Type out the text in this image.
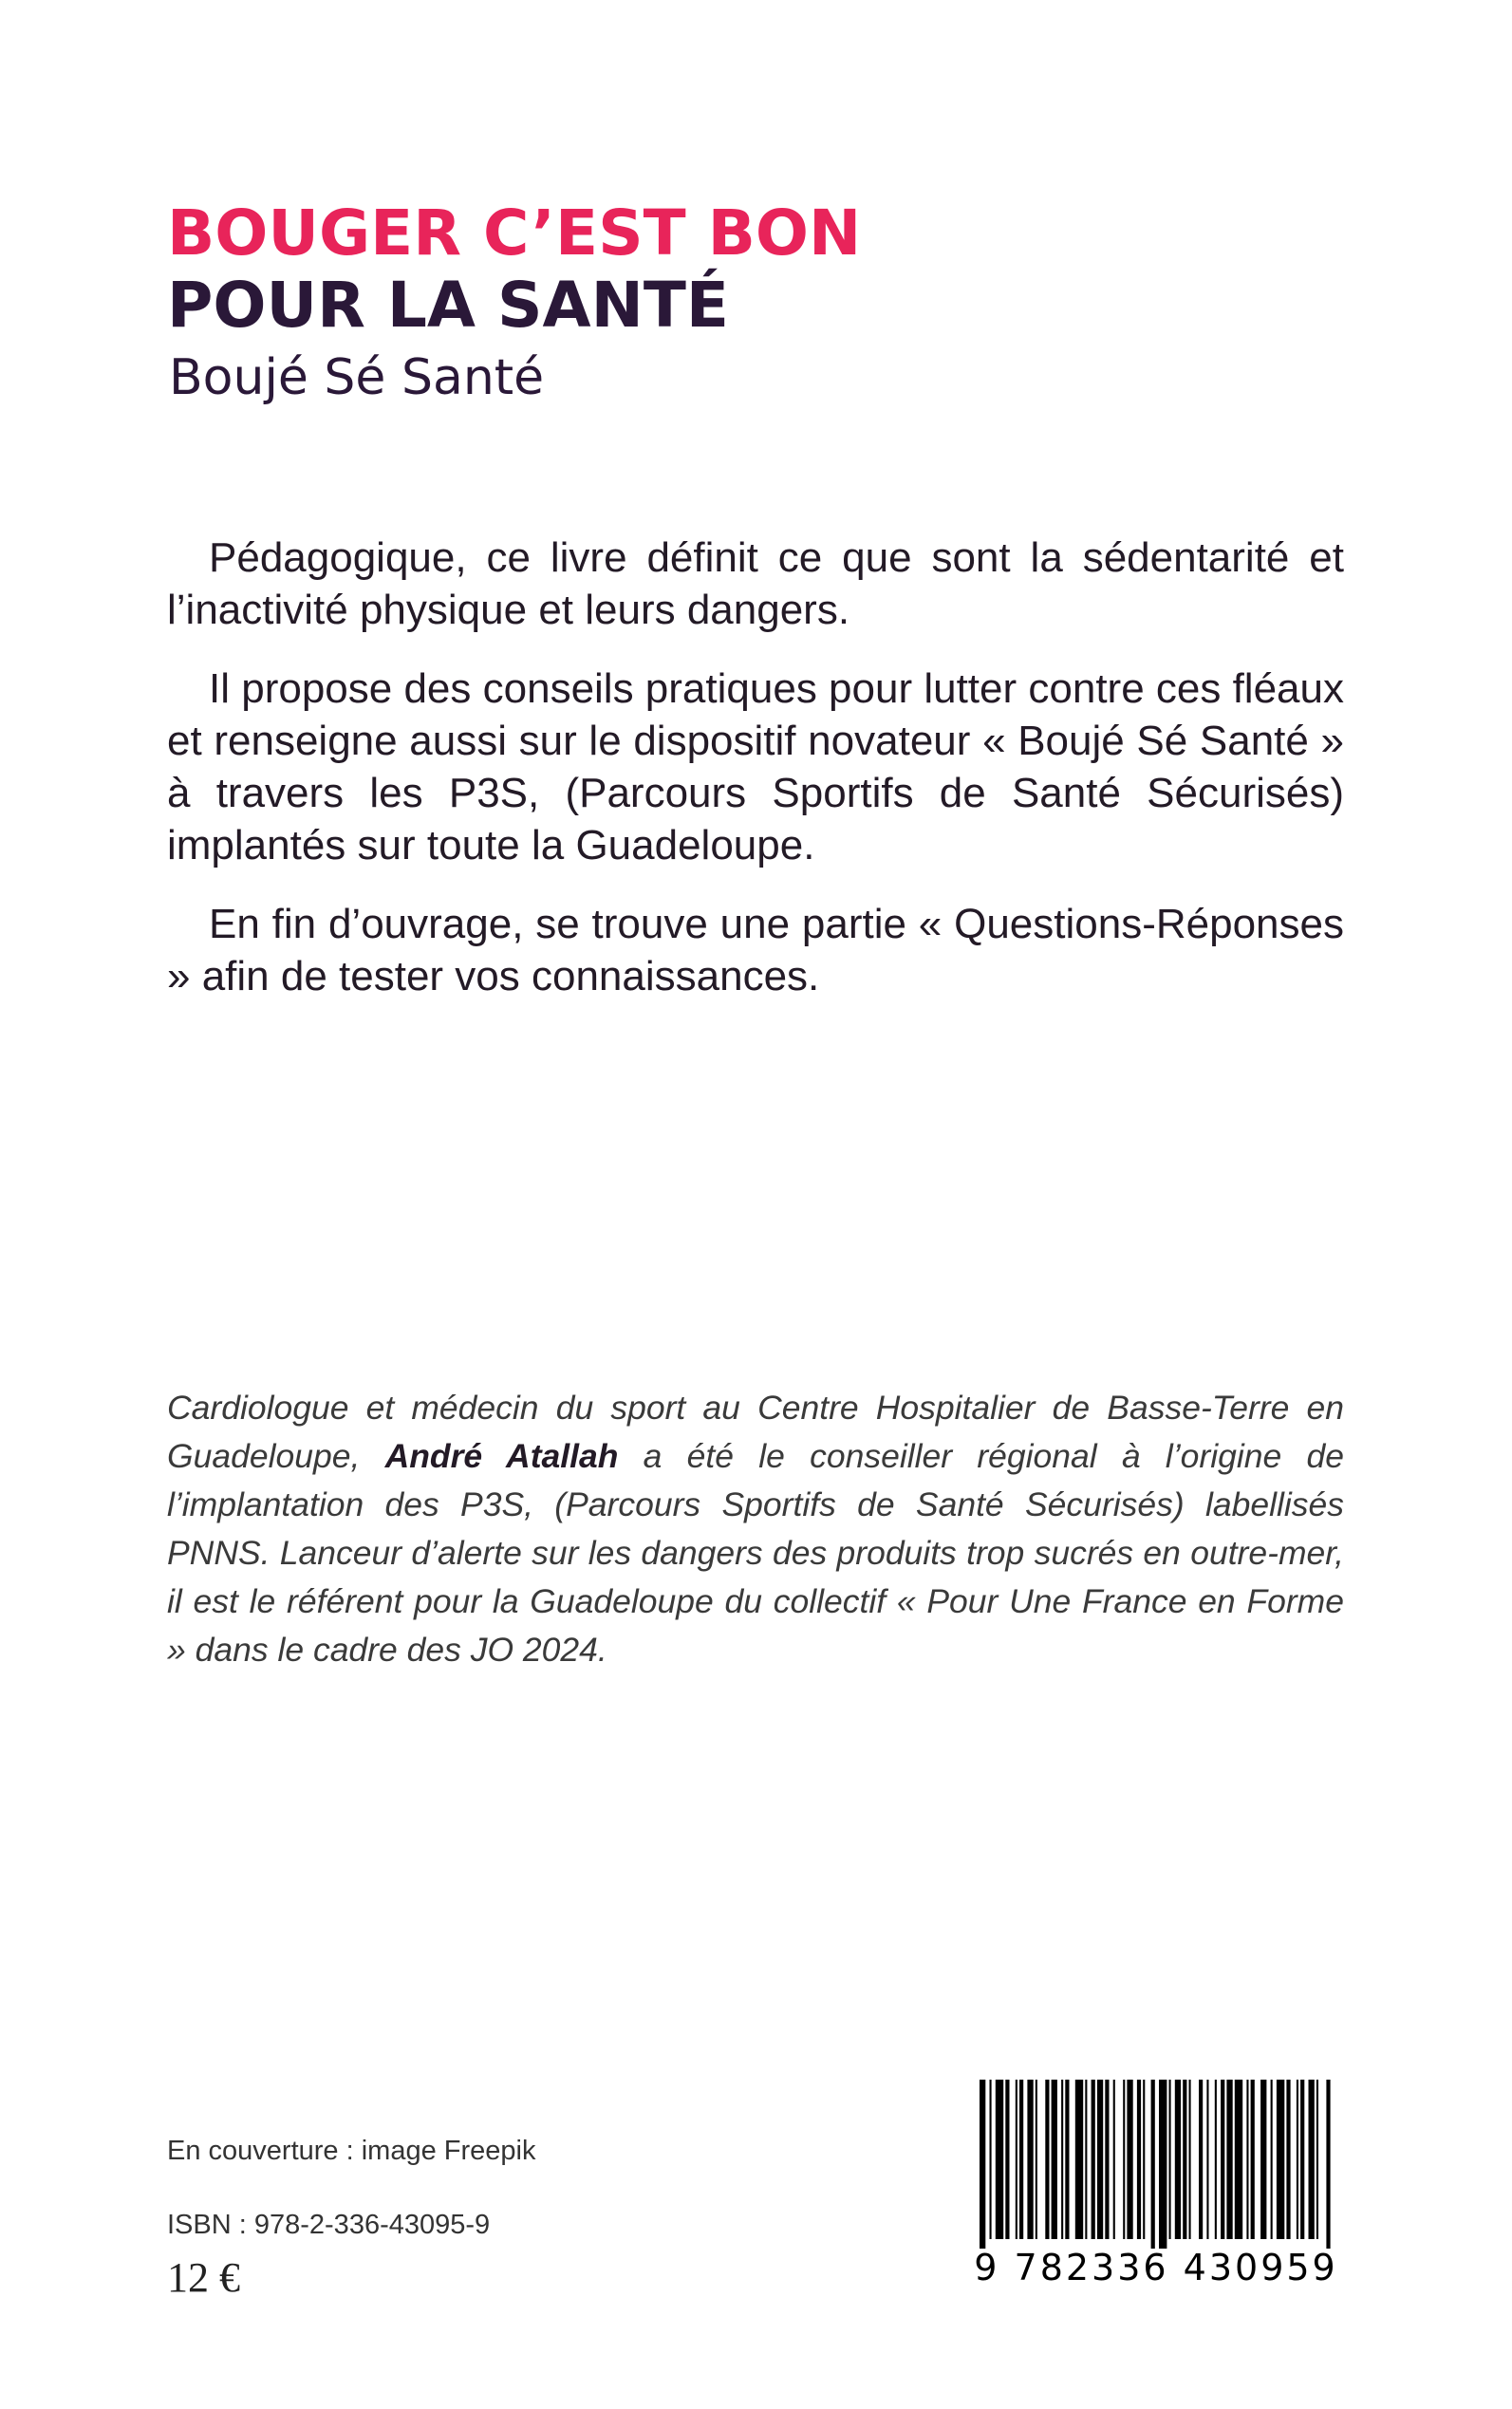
BOUGER C’EST BON
POUR LA SANTÉ
Boujé Sé Santé

Pédagogique, ce livre définit ce que sont la sédentarité et l’inactivité physique et leurs dangers.

Il propose des conseils pratiques pour lutter contre ces fléaux et renseigne aussi sur le dispositif novateur « Boujé Sé Santé » à travers les P3S, (Parcours Sportifs de Santé Sécurisés) implantés sur toute la Guadeloupe.

En fin d’ouvrage, se trouve une partie « Questions-Réponses » afin de tester vos connaissances.

Cardiologue et médecin du sport au Centre Hospitalier de Basse-Terre en Guadeloupe, André Atallah a été le conseiller régional à l’origine de l’implantation des P3S, (Parcours Sportifs de Santé Sécurisés) labellisés PNNS. Lanceur d’alerte sur les dangers des produits trop sucrés en outre-mer, il est le référent pour la Guadeloupe du collectif « Pour Une France en Forme » dans le cadre des JO 2024.

En couverture : image Freepik
ISBN : 978-2-336-43095-9
12 €	9 782336 430959
